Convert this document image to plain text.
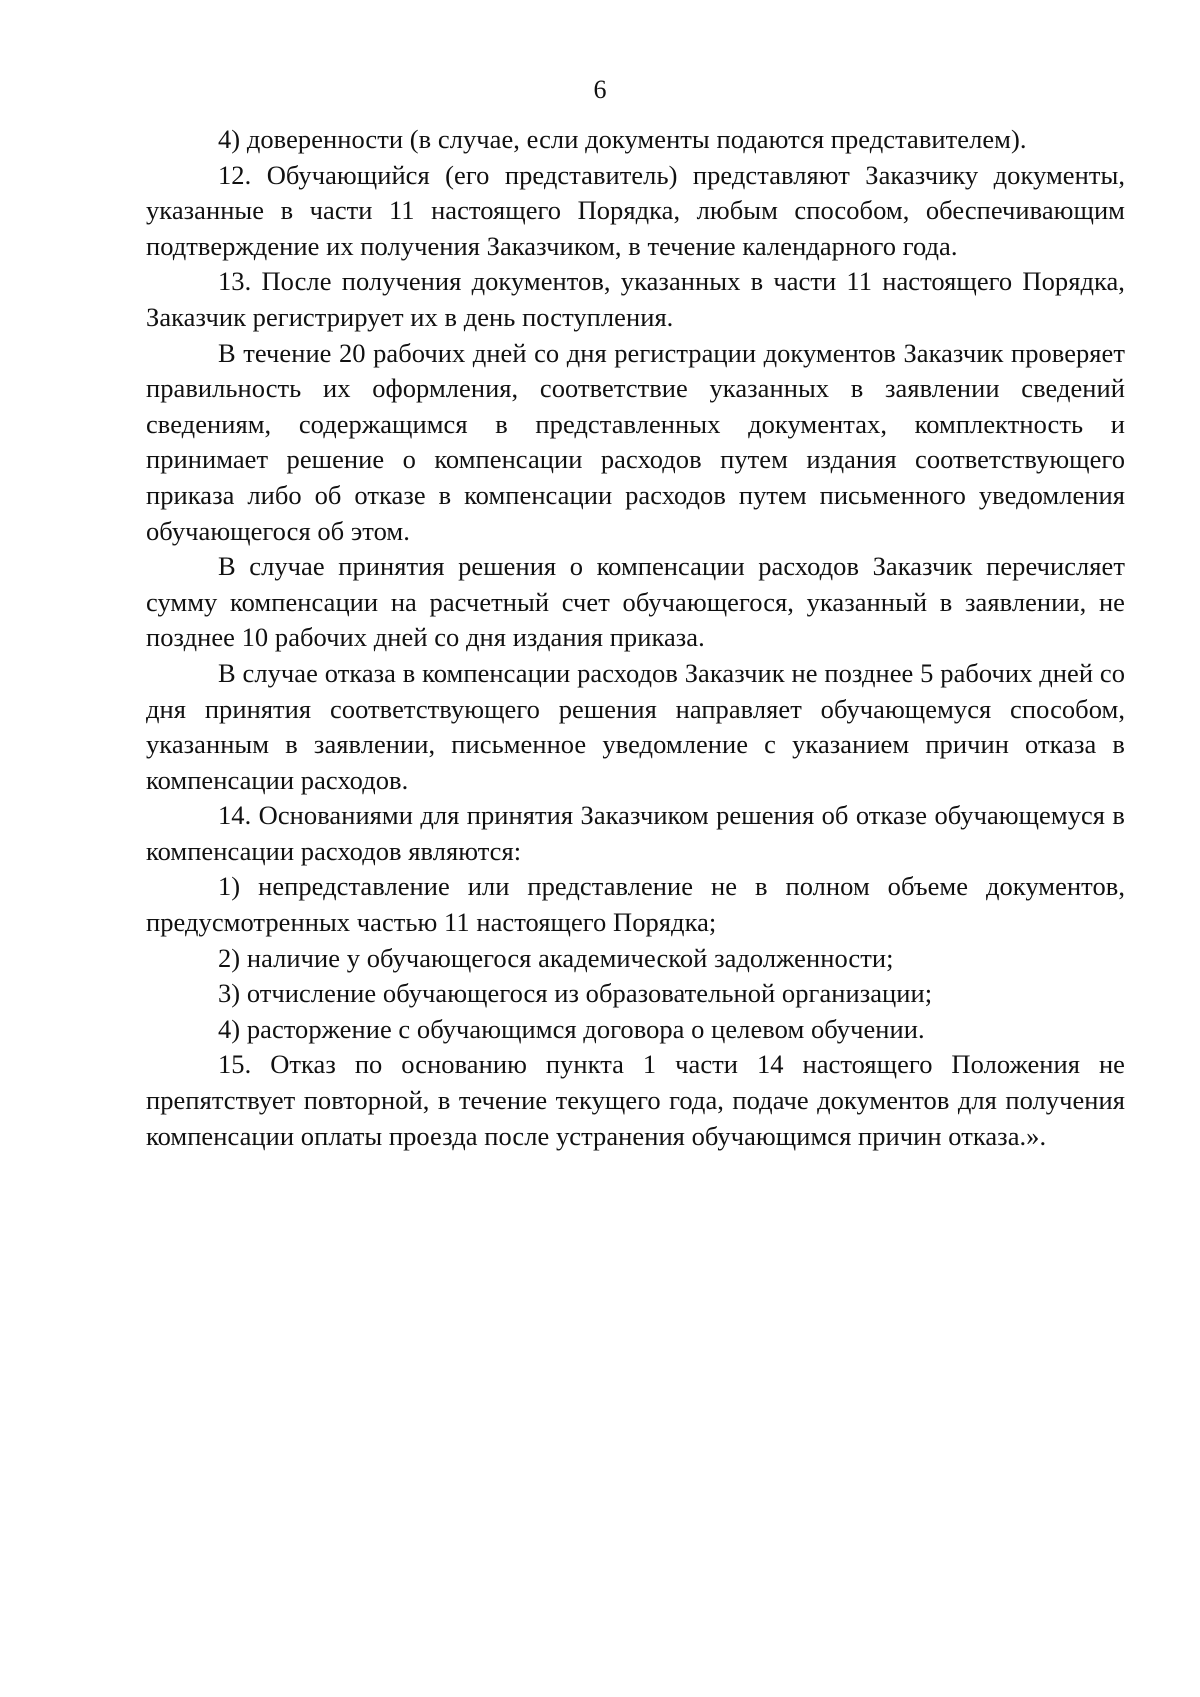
6

4) доверенности (в случае, если документы подаются представителем).

12. Обучающийся (его представитель) представляют Заказчику документы, указанные в части 11 настоящего Порядка, любым способом, обеспечивающим подтверждение их получения Заказчиком, в течение календарного года.

13. После получения документов, указанных в части 11 настоящего Порядка, Заказчик регистрирует их в день поступления.

В течение 20 рабочих дней со дня регистрации документов Заказчик проверяет правильность их оформления, соответствие указанных в заявлении сведений сведениям, содержащимся в представленных документах, комплектность и принимает решение о компенсации расходов путем издания соответствующего приказа либо об отказе в компенсации расходов путем письменного уведомления обучающегося об этом.

В случае принятия решения о компенсации расходов Заказчик перечисляет сумму компенсации на расчетный счет обучающегося, указанный в заявлении, не позднее 10 рабочих дней со дня издания приказа.

В случае отказа в компенсации расходов Заказчик не позднее 5 рабочих дней со дня принятия соответствующего решения направляет обучающемуся способом, указанным в заявлении, письменное уведомление с указанием причин отказа в компенсации расходов.

14. Основаниями для принятия Заказчиком решения об отказе обучающемуся в компенсации расходов являются:

1) непредставление или представление не в полном объеме документов, предусмотренных частью 11 настоящего Порядка;

2) наличие у обучающегося академической задолженности;

3) отчисление обучающегося из образовательной организации;

4) расторжение с обучающимся договора о целевом обучении.

15. Отказ по основанию пункта 1 части 14 настоящего Положения не препятствует повторной, в течение текущего года, подаче документов для получения компенсации оплаты проезда после устранения обучающимся причин отказа.».
